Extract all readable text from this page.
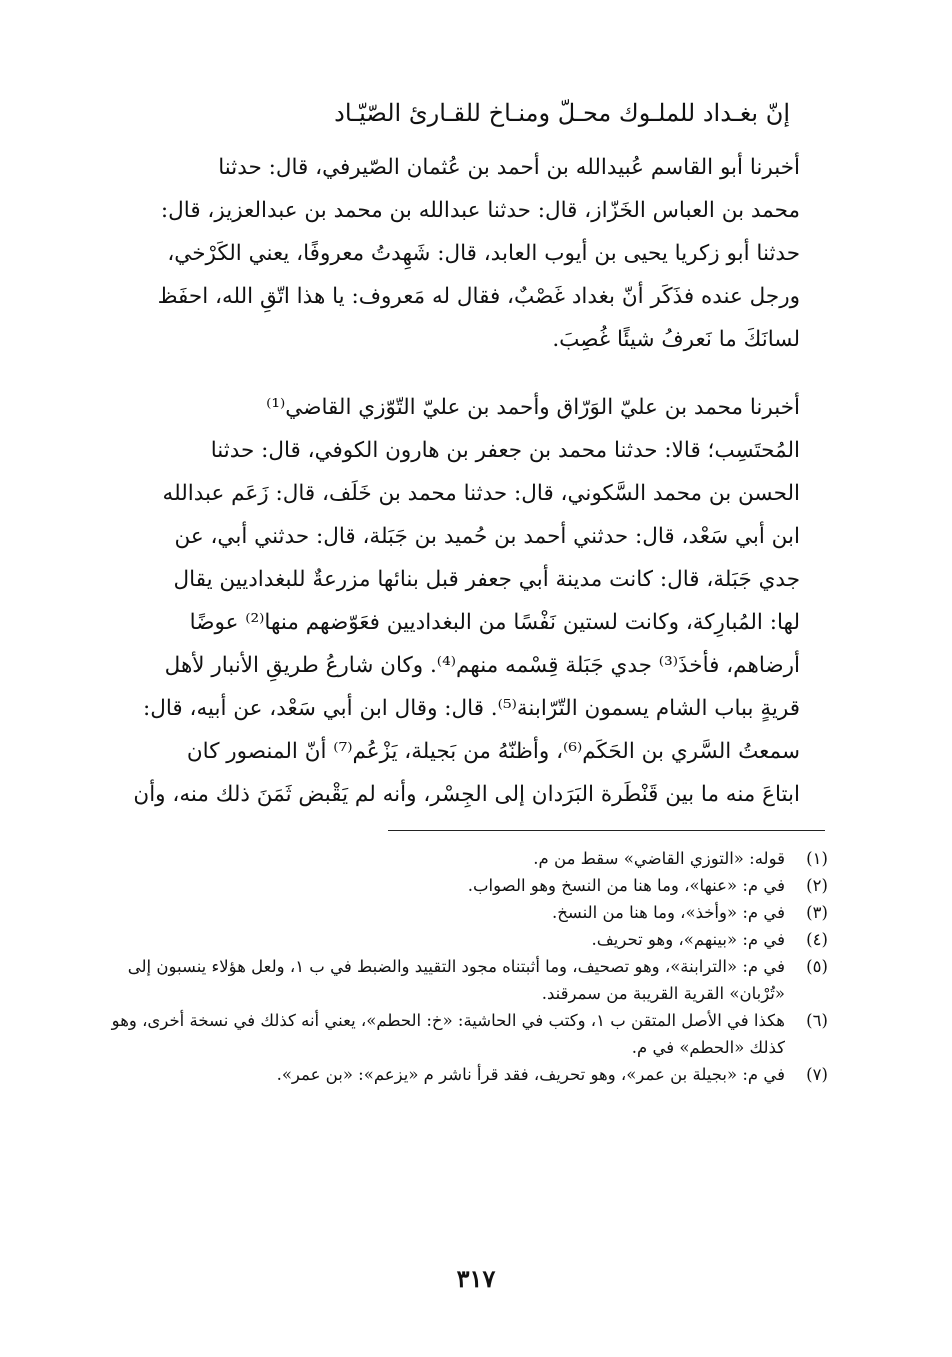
إنّ بغـداد للملـوك محـلّ ومنـاخ للقـارئ الصّيّـاد
أخبرنا أبو القاسم عُبيدالله بن أحمد بن عُثمان الصّيرفي، قال: حدثنا
محمد بن العباس الخَزّاز، قال: حدثنا عبدالله بن محمد بن عبدالعزيز، قال:
حدثنا أبو زكريا يحيى بن أيوب العابد، قال: شَهِدتُ معروفًا، يعني الكَرْخي،
ورجل عنده فذَكَر أنّ بغداد غَصْبٌ، فقال له مَعروف: يا هذا اتّقِ الله، احفَظ
لسانَكَ ما نَعرفُ شيئًا غُصِبَ.
أخبرنا محمد بن عليّ الوَرّاق وأحمد بن عليّ التّوّزي القاضي⁽¹⁾
المُحتَسِب؛ قالا: حدثنا محمد بن جعفر بن هارون الكوفي، قال: حدثنا
الحسن بن محمد السَّكوني، قال: حدثنا محمد بن خَلَف، قال: زَعَم عبدالله
ابن أبي سَعْد، قال: حدثني أحمد بن حُميد بن جَبَلة، قال: حدثني أبي، عن
جدي جَبَلة، قال: كانت مدينة أبي جعفر قبل بنائها مزرعةٌ للبغداديين يقال
لها: المُبارِكة، وكانت لستين نَفْسًا من البغداديين فعَوّضهم منها⁽²⁾ عوضًا
أرضاهم، فأخذَ⁽³⁾ جدي جَبَلة قِسْمه منهم⁽⁴⁾. وكان شارعُ طريقِ الأنبار لأهل
قريةٍ بباب الشام يسمون التّرّابنة⁽⁵⁾. قال: وقال ابن أبي سَعْد، عن أبيه، قال:
سمعتُ السَّري بن الحَكَم⁽⁶⁾، وأظنّهُ من بَجيلة، يَزْعُم⁽⁷⁾ أنّ المنصور كان
ابتاعَ منه ما بين قَنْطَرة البَرَدان إلى الجِسْر، وأنه لم يَقْبض ثَمَنَ ذلك منه، وأن
(١)
قوله: «التوزي القاضي» سقط من م.
(٢)
في م: «عنها»، وما هنا من النسخ وهو الصواب.
(٣)
في م: «وأخذ»، وما هنا من النسخ.
(٤)
في م: «بينهم»، وهو تحريف.
(٥)
في م: «الترابنة»، وهو تصحيف، وما أثبتناه مجود التقييد والضبط في ب ١، ولعل هؤلاء ينسبون إلى «تُرْبان» القرية القريبة من سمرقند.
(٦)
هكذا في الأصل المتقن ب ١، وكتب في الحاشية: «خ: الحطم»، يعني أنه كذلك في نسخة أخرى، وهو كذلك «الحطم» في م.
(٧)
في م: «بجيلة بن عمر»، وهو تحريف، فقد قرأ ناشر م «يزعم»: «بن عمر».
٣١٧
